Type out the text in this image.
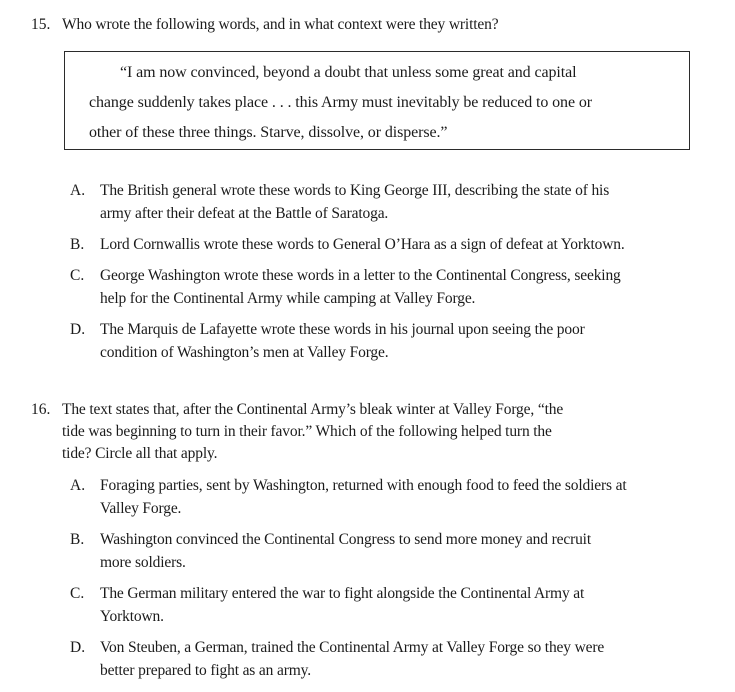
15. Who wrote the following words, and in what context were they written?
“I am now convinced, beyond a doubt that unless some great and capital
change suddenly takes place . . . this Army must inevitably be reduced to one or
other of these three things. Starve, dissolve, or disperse.”
A. The British general wrote these words to King George III, describing the state of his
army after their defeat at the Battle of Saratoga.
B.	Lord Cornwallis wrote these words to General O’Hara as a sign of defeat at Yorktown.
C.	George Washington wrote these words in a letter to the Continental Congress, seeking
help for the Continental Army while camping at Valley Forge.
D. The Marquis de Lafayette wrote these words in his journal upon seeing the poor
condition of Washington’s men at Valley Forge.
16. The text states that, after the Continental Army’s bleak winter at Valley Forge, “the
tide was beginning to turn in their favor.” Which of the following helped turn the
tide? Circle all that apply.
A. Foraging parties, sent by Washington, returned with enough food to feed the soldiers at
Valley Forge.
B.	Washington convinced the Continental Congress to send more money and recruit
more soldiers.
C.	The German military entered the war to fight alongside the Continental Army at
Yorktown.
D. Von Steuben, a German, trained the Continental Army at Valley Forge so they were
better prepared to fight as an army.
